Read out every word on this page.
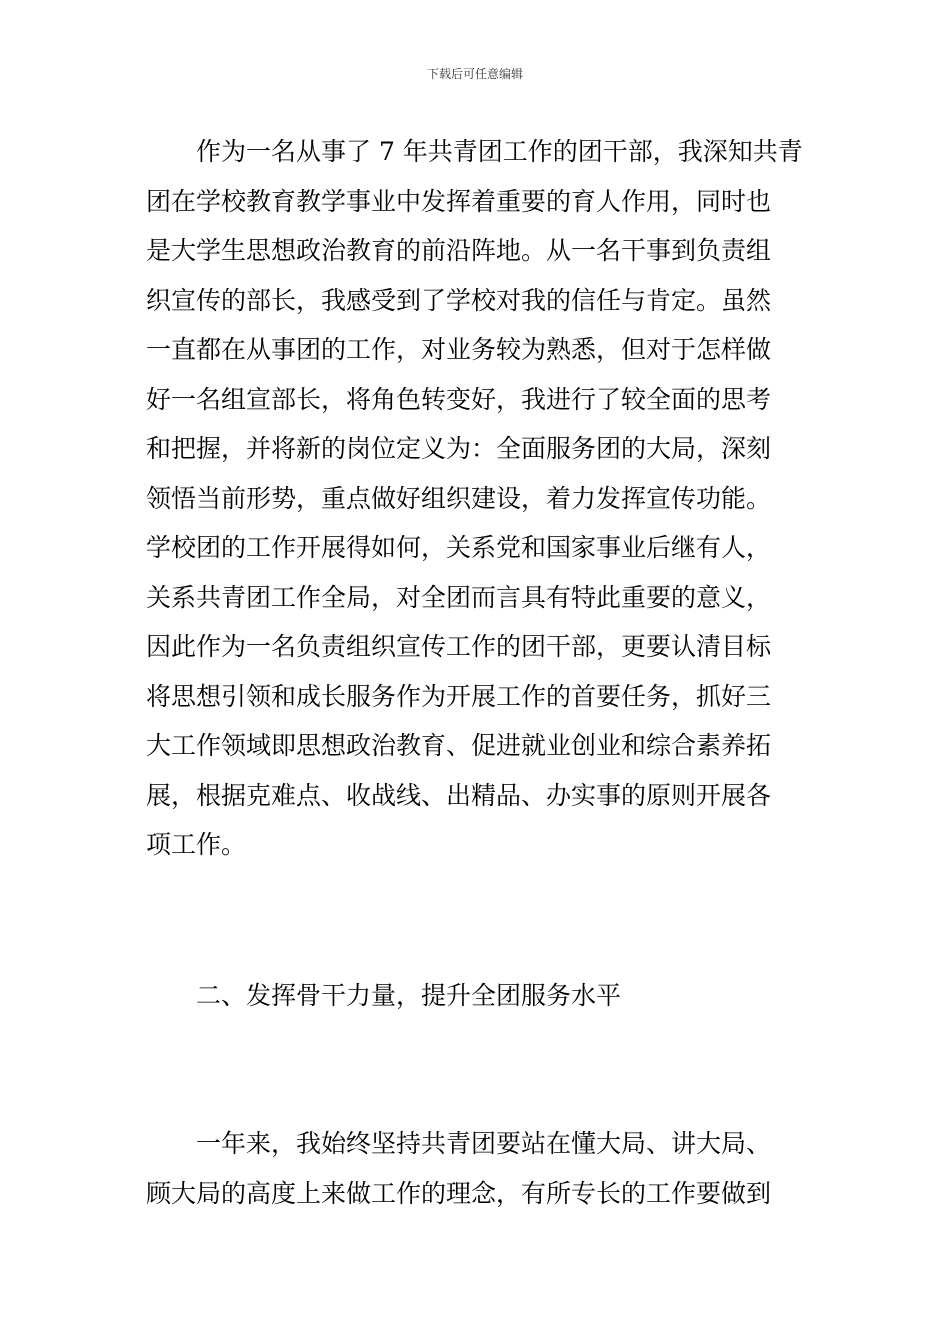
下载后可任意编辑
作为一名从事了 7 年共青团工作的团干部，我深知共青
团在学校教育教学事业中发挥着重要的育人作用，同时也
是大学生思想政治教育的前沿阵地。从一名干事到负责组
织宣传的部长，我感受到了学校对我的信任与肯定。虽然
一直都在从事团的工作，对业务较为熟悉，但对于怎样做
好一名组宣部长，将角色转变好，我进行了较全面的思考
和把握，并将新的岗位定义为：全面服务团的大局，深刻
领悟当前形势，重点做好组织建设，着力发挥宣传功能。
学校团的工作开展得如何，关系党和国家事业后继有人，
关系共青团工作全局，对全团而言具有特此重要的意义，
因此作为一名负责组织宣传工作的团干部，更要认清目标
将思想引领和成长服务作为开展工作的首要任务，抓好三
大工作领域即思想政治教育、促进就业创业和综合素养拓
展，根据克难点、收战线、出精品、办实事的原则开展各
项工作。
二、发挥骨干力量，提升全团服务水平
一年来，我始终坚持共青团要站在懂大局、讲大局、
顾大局的高度上来做工作的理念，有所专长的工作要做到
